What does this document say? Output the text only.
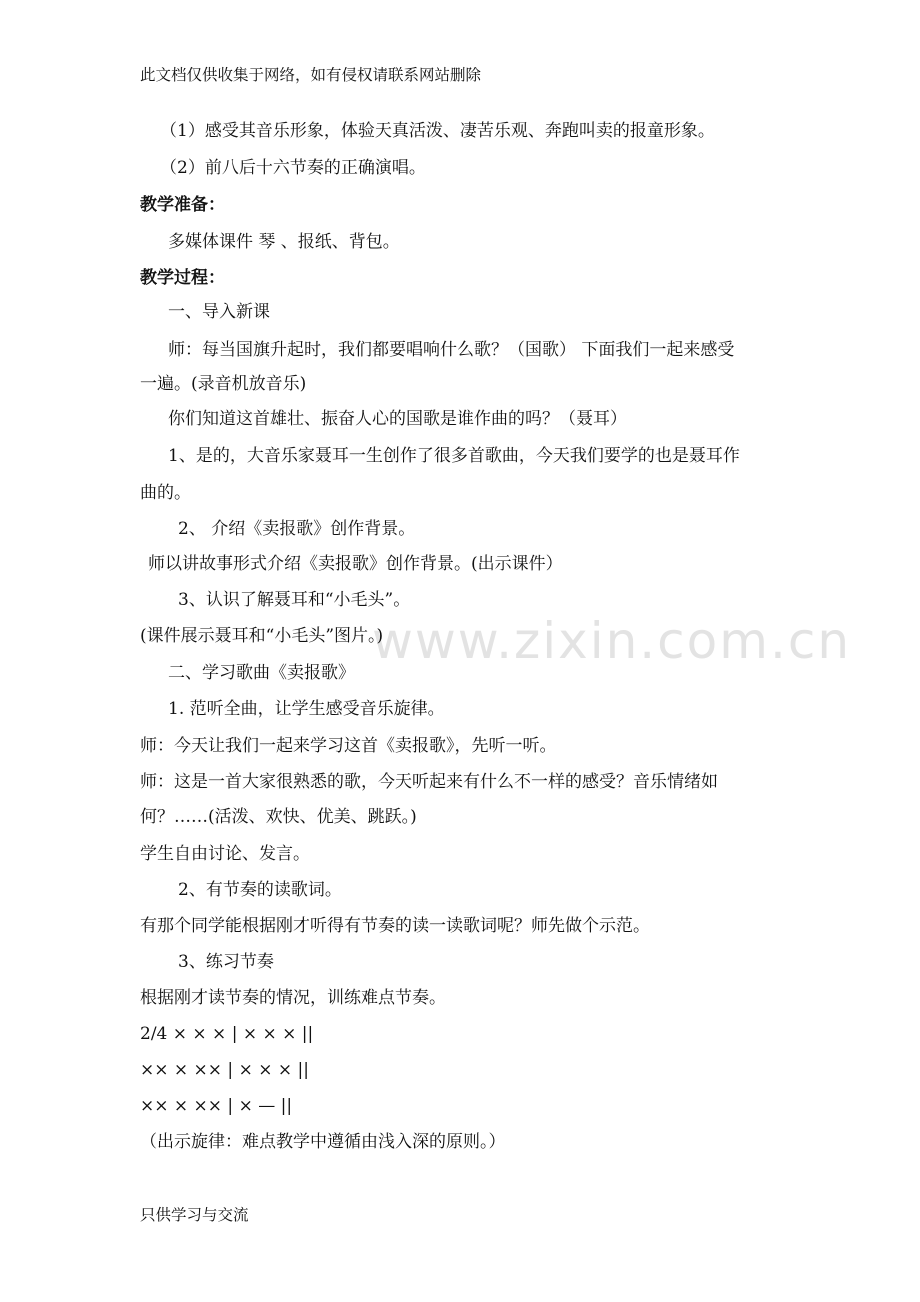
www.zixin.com.cn
此文档仅供收集于网络，如有侵权请联系网站删除
（1）感受其音乐形象，体验天真活泼、凄苦乐观、奔跑叫卖的报童形象。
（2）前八后十六节奏的正确演唱。
教学准备：
多媒体课件 琴 、报纸、背包。
教学过程：
一、导入新课
师：每当国旗升起时，我们都要唱响什么歌？（国歌） 下面我们一起来感受
一遍。(录音机放音乐)
你们知道这首雄壮、振奋人心的国歌是谁作曲的吗？（聂耳）
1、是的，大音乐家聂耳一生创作了很多首歌曲，今天我们要学的也是聂耳作
曲的。
2、 介绍《卖报歌》创作背景。
师以讲故事形式介绍《卖报歌》创作背景。(出示课件）
3、认识了解聂耳和“小毛头”。
(课件展示聂耳和“小毛头”图片。)
二、学习歌曲《卖报歌》
1. 范听全曲，让学生感受音乐旋律。
师：今天让我们一起来学习这首《卖报歌》，先听一听。
师：这是一首大家很熟悉的歌，今天听起来有什么不一样的感受？音乐情绪如
何？……(活泼、欢快、优美、跳跃。)
学生自由讨论、发言。
2、有节奏的读歌词。
有那个同学能根据刚才听得有节奏的读一读歌词呢？师先做个示范。
3、练习节奏
根据刚才读节奏的情况，训练难点节奏。
2/4 × × × | × × × ||
×× × ×× | × × × ||
×× × ×× | × — ||
（出示旋律：难点教学中遵循由浅入深的原则。）
只供学习与交流
